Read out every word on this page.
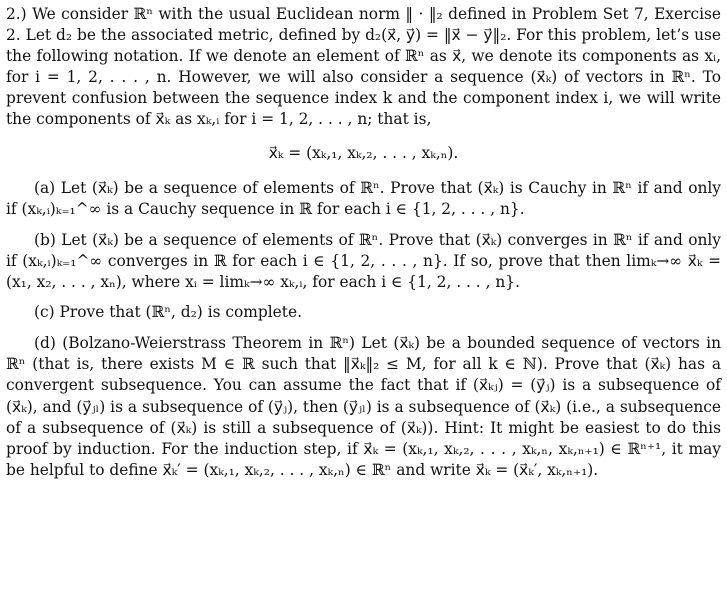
2.) We consider ℝⁿ with the usual Euclidean norm ‖ · ‖₂ defined in Problem Set 7, Exercise 2. Let d₂ be the associated metric, defined by d₂(x⃗, y⃗) = ‖x⃗ − y⃗‖₂. For this problem, let’s use the following notation. If we denote an element of ℝⁿ as x⃗, we denote its components as xᵢ, for i = 1, 2, . . . , n. However, we will also consider a sequence (x⃗ₖ) of vectors in ℝⁿ. To prevent confusion between the sequence index k and the component index i, we will write the components of x⃗ₖ as xₖ,ᵢ for i = 1, 2, . . . , n; that is,

x⃗ₖ = (xₖ,₁, xₖ,₂, . . . , xₖ,ₙ).

(a) Let (x⃗ₖ) be a sequence of elements of ℝⁿ. Prove that (x⃗ₖ) is Cauchy in ℝⁿ if and only if (xₖ,ᵢ)ₖ₌₁^∞ is a Cauchy sequence in ℝ for each i ∈ {1, 2, . . . , n}.

(b) Let (x⃗ₖ) be a sequence of elements of ℝⁿ. Prove that (x⃗ₖ) converges in ℝⁿ if and only if (xₖ,ᵢ)ₖ₌₁^∞ converges in ℝ for each i ∈ {1, 2, . . . , n}. If so, prove that then limₖ→∞ x⃗ₖ = (x₁, x₂, . . . , xₙ), where xᵢ = limₖ→∞ xₖ,ᵢ, for each i ∈ {1, 2, . . . , n}.

(c) Prove that (ℝⁿ, d₂) is complete.

(d) (Bolzano-Weierstrass Theorem in ℝⁿ) Let (x⃗ₖ) be a bounded sequence of vectors in ℝⁿ (that is, there exists M ∈ ℝ such that ‖x⃗ₖ‖₂ ≤ M, for all k ∈ ℕ). Prove that (x⃗ₖ) has a convergent subsequence. You can assume the fact that if (x⃗ₖⱼ) = (y⃗ⱼ) is a subsequence of (x⃗ₖ), and (y⃗ⱼₗ) is a subsequence of (y⃗ⱼ), then (y⃗ⱼₗ) is a subsequence of (x⃗ₖ) (i.e., a subsequence of a subsequence of (x⃗ₖ) is still a subsequence of (x⃗ₖ)). Hint: It might be easiest to do this proof by induction. For the induction step, if x⃗ₖ = (xₖ,₁, xₖ,₂, . . . , xₖ,ₙ, xₖ,ₙ₊₁) ∈ ℝⁿ⁺¹, it may be helpful to define x⃗ₖ′ = (xₖ,₁, xₖ,₂, . . . , xₖ,ₙ) ∈ ℝⁿ and write x⃗ₖ = (x⃗ₖ′, xₖ,ₙ₊₁).
